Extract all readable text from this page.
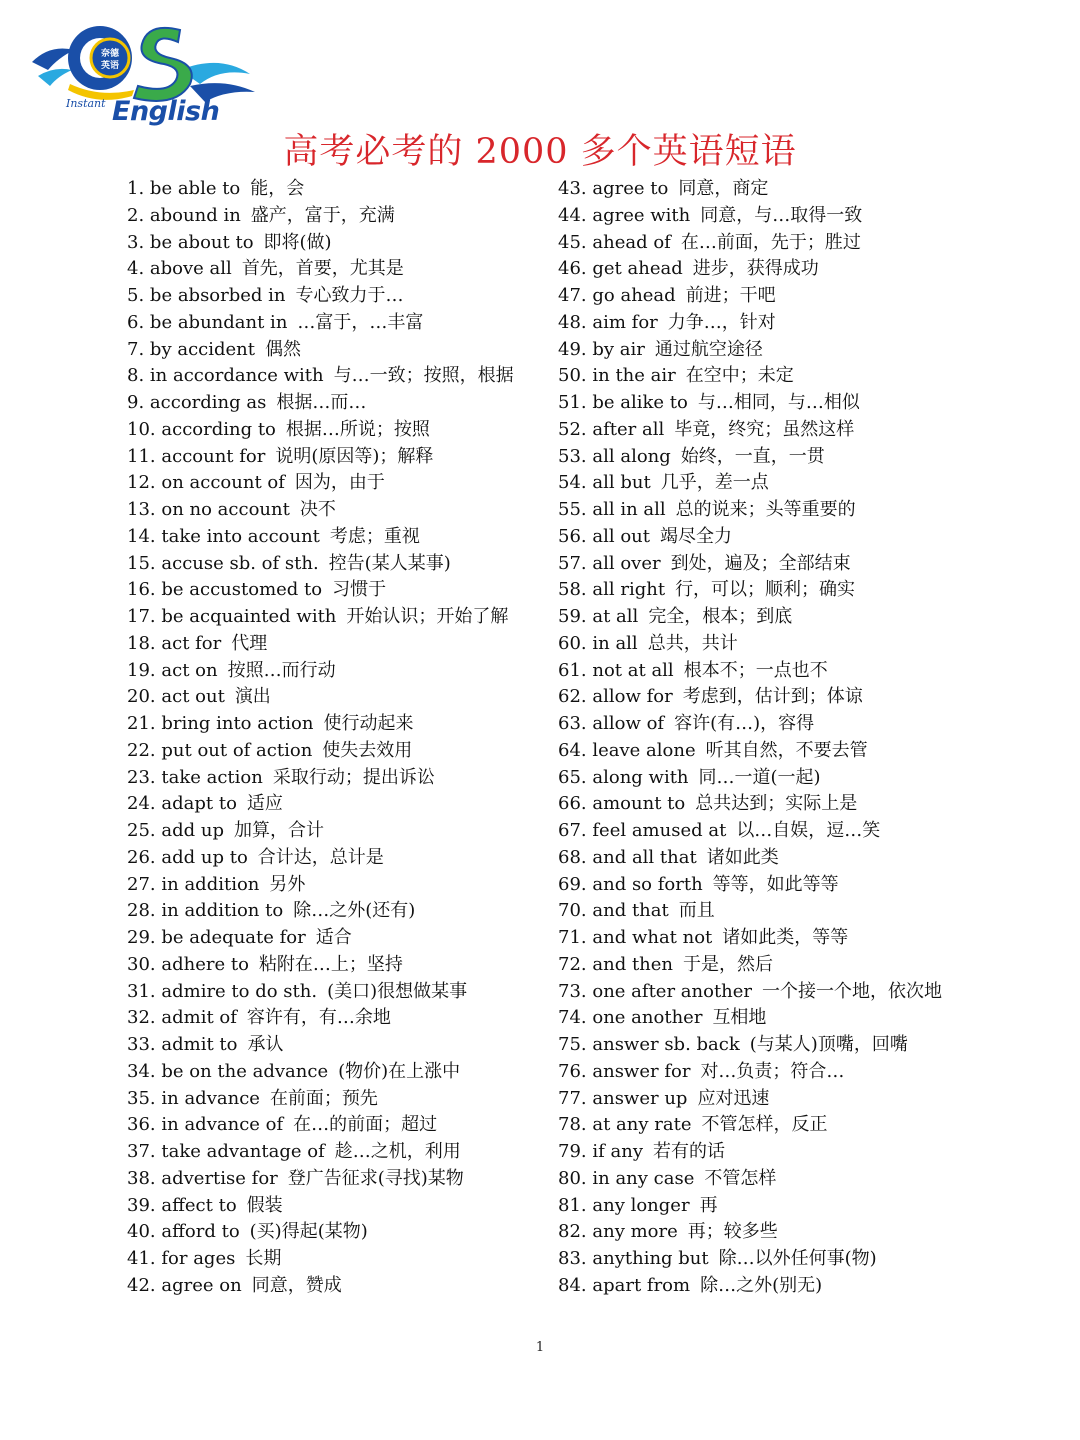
奈德
英语
Instant English
高考必考的 2000 多个英语短语
1. be able to 能，会
2. abound in 盛产，富于，充满
3. be about to 即将(做)
4. above all 首先，首要，尤其是
5. be absorbed in 专心致力于…
6. be abundant in …富于，…丰富
7. by accident 偶然
8. in accordance with 与…一致；按照，根据
9. according as 根据…而…
10. according to 根据…所说；按照
11. account for 说明(原因等)；解释
12. on account of 因为，由于
13. on no account 决不
14. take into account 考虑；重视
15. accuse sb. of sth. 控告(某人某事)
16. be accustomed to 习惯于
17. be acquainted with 开始认识；开始了解
18. act for 代理
19. act on 按照…而行动
20. act out 演出
21. bring into action 使行动起来
22. put out of action 使失去效用
23. take action 采取行动；提出诉讼
24. adapt to 适应
25. add up 加算，合计
26. add up to 合计达，总计是
27. in addition 另外
28. in addition to 除…之外(还有)
29. be adequate for 适合
30. adhere to 粘附在…上；坚持
31. admire to do sth. (美口)很想做某事
32. admit of 容许有，有…余地
33. admit to 承认
34. be on the advance (物价)在上涨中
35. in advance 在前面；预先
36. in advance of 在…的前面；超过
37. take advantage of 趁…之机，利用
38. advertise for 登广告征求(寻找)某物
39. affect to 假装
40. afford to (买)得起(某物)
41. for ages 长期
42. agree on 同意，赞成
43. agree to 同意，商定
44. agree with 同意，与…取得一致
45. ahead of 在…前面，先于；胜过
46. get ahead 进步，获得成功
47. go ahead 前进；干吧
48. aim for 力争…，针对
49. by air 通过航空途径
50. in the air 在空中；未定
51. be alike to 与…相同，与…相似
52. after all 毕竟，终究；虽然这样
53. all along 始终，一直，一贯
54. all but 几乎，差一点
55. all in all 总的说来；头等重要的
56. all out 竭尽全力
57. all over 到处，遍及；全部结束
58. all right 行，可以；顺利；确实
59. at all 完全，根本；到底
60. in all 总共，共计
61. not at all 根本不；一点也不
62. allow for 考虑到，估计到；体谅
63. allow of 容许(有…)，容得
64. leave alone 听其自然，不要去管
65. along with 同…一道(一起)
66. amount to 总共达到；实际上是
67. feel amused at 以…自娱，逗…笑
68. and all that 诸如此类
69. and so forth 等等，如此等等
70. and that 而且
71. and what not 诸如此类，等等
72. and then 于是，然后
73. one after another 一个接一个地，依次地
74. one another 互相地
75. answer sb. back (与某人)顶嘴，回嘴
76. answer for 对…负责；符合…
77. answer up 应对迅速
78. at any rate 不管怎样，反正
79. if any 若有的话
80. in any case 不管怎样
81. any longer 再
82. any more 再；较多些
83. anything but 除…以外任何事(物)
84. apart from 除…之外(别无)
1
